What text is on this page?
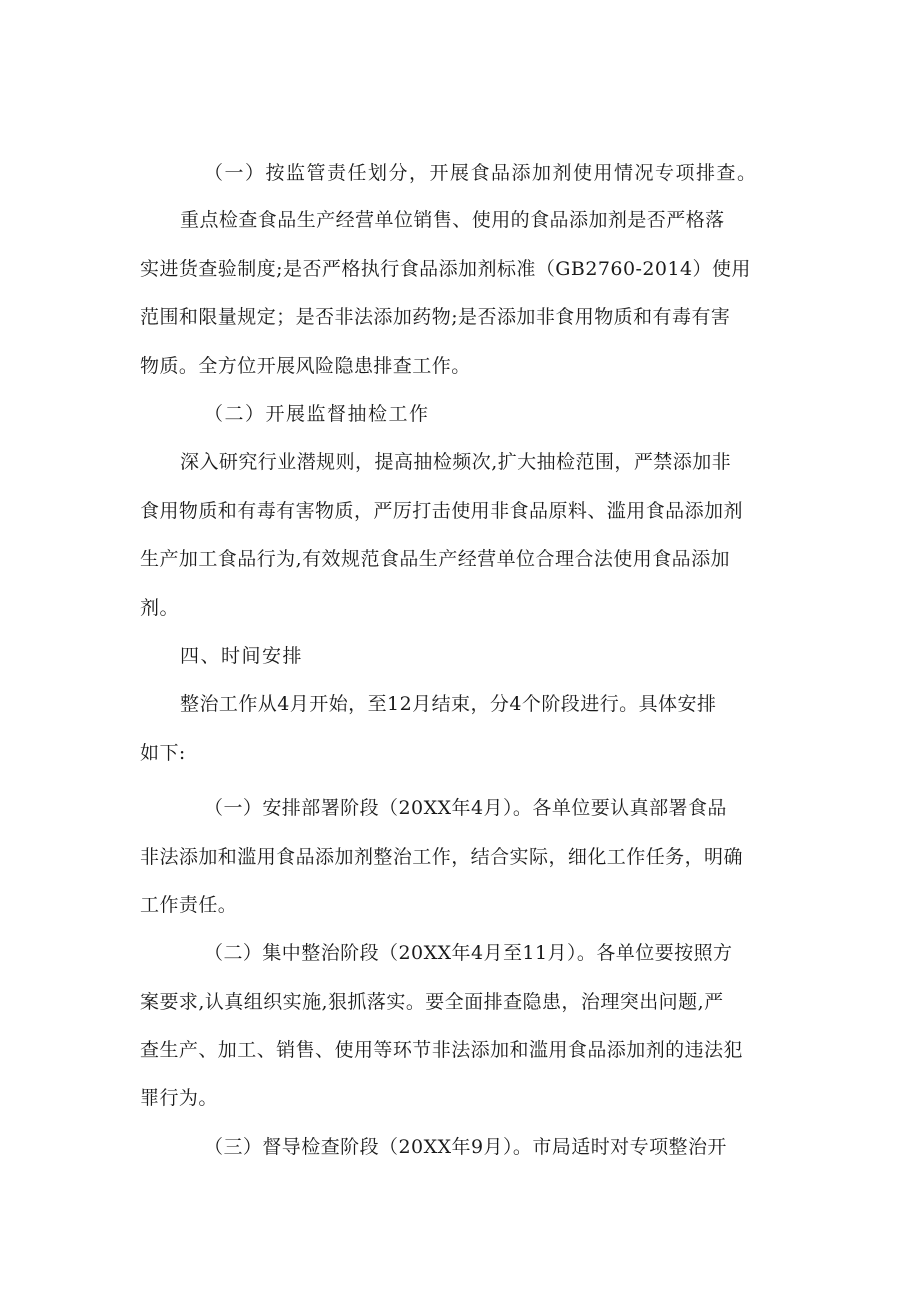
（一）按监管责任划分，开展食品添加剂使用情况专项排查。
重点检查食品生产经营单位销售、使用的食品添加剂是否严格落
实进货查验制度;是否严格执行食品添加剂标准（GB2760-2014）使用
范围和限量规定；是否非法添加药物;是否添加非食用物质和有毒有害
物质。全方位开展风险隐患排查工作。
（二）开展监督抽检工作
深入研究行业潜规则，提高抽检频次,扩大抽检范围，严禁添加非
食用物质和有毒有害物质，严厉打击使用非食品原料、滥用食品添加剂
生产加工食品行为,有效规范食品生产经营单位合理合法使用食品添加
剂。
四、时间安排
整治工作从4月开始，至12月结束，分4个阶段进行。具体安排
如下:
（一）安排部署阶段（20XX年4月）。各单位要认真部署食品
非法添加和滥用食品添加剂整治工作，结合实际，细化工作任务，明确
工作责任。
（二）集中整治阶段（20XX年4月至11月）。各单位要按照方
案要求,认真组织实施,狠抓落实。要全面排查隐患，治理突出问题,严
查生产、加工、销售、使用等环节非法添加和滥用食品添加剂的违法犯
罪行为。
（三）督导检查阶段（20XX年9月）。市局适时对专项整治开
